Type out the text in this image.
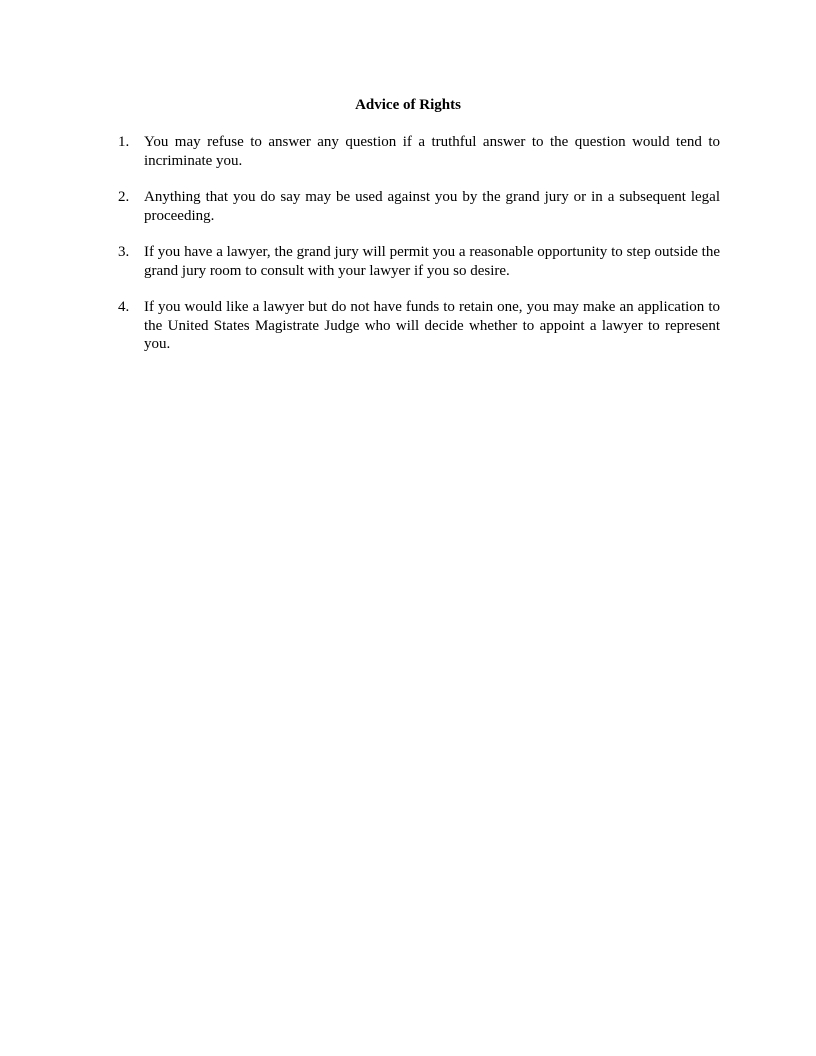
Advice of Rights
1. You may refuse to answer any question if a truthful answer to the question would tend to incriminate you.
2. Anything that you do say may be used against you by the grand jury or in a subsequent legal proceeding.
3. If you have a lawyer, the grand jury will permit you a reasonable opportunity to step outside the grand jury room to consult with your lawyer if you so desire.
4. If you would like a lawyer but do not have funds to retain one, you may make an application to the United States Magistrate Judge who will decide whether to appoint a lawyer to represent you.
